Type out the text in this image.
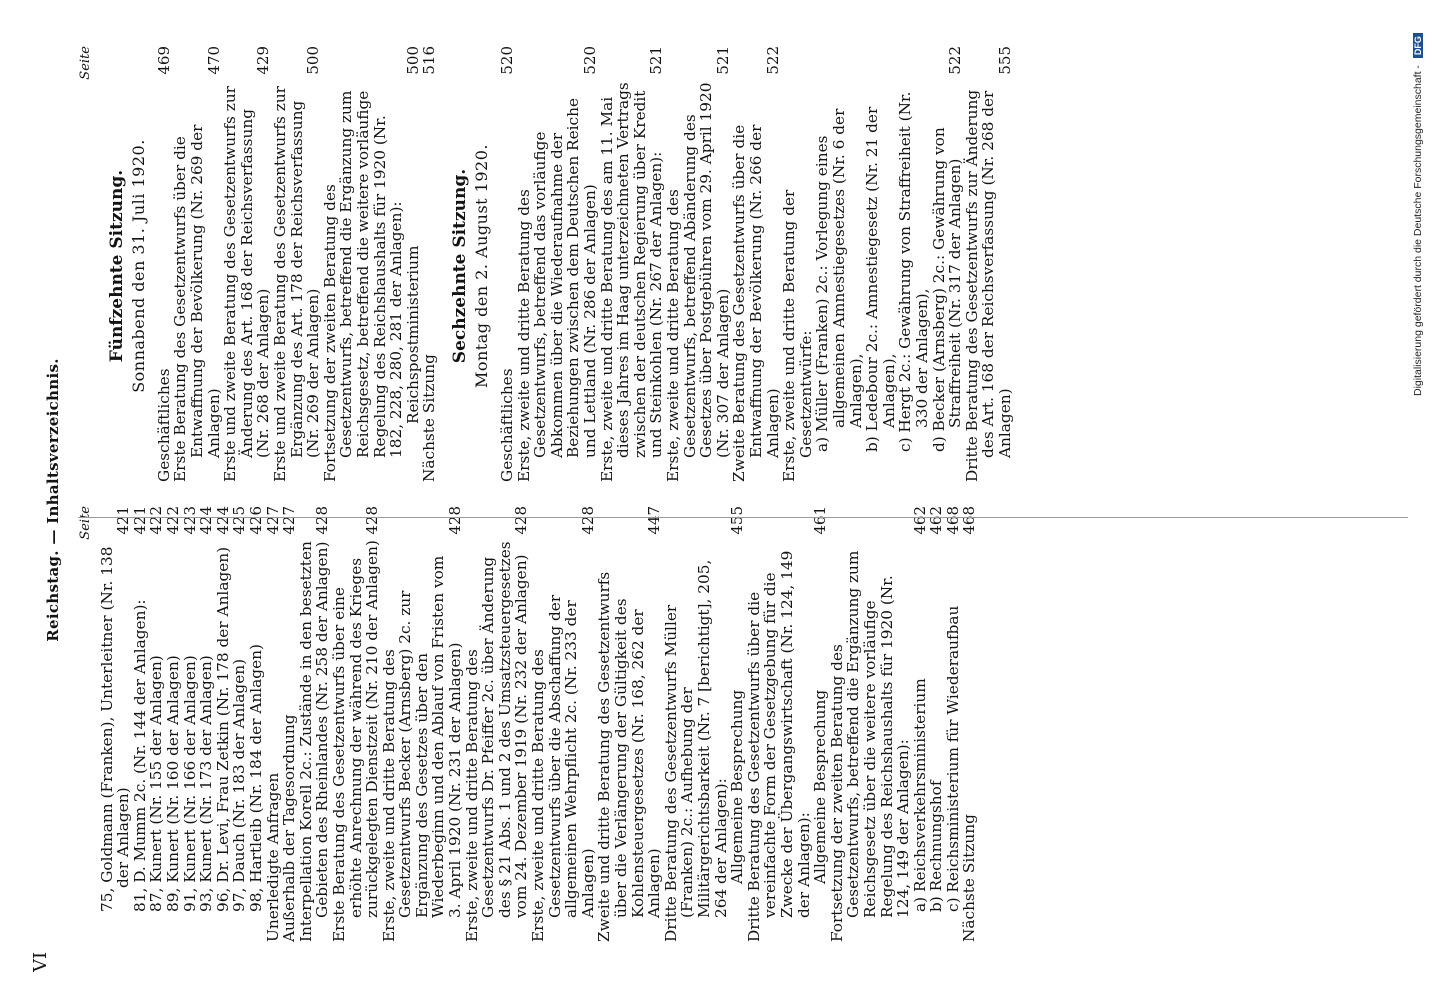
VI
Reichstag. — Inhaltsverzeichnis. Seite
75, Goldmann (Franken), Unterleitner (Nr. 138 der Anlagen)
421
81, D. Mumm 2c. (Nr. 144 der Anlagen):
421
87, Kunert (Nr. 155 der Anlagen)
422
89, Kunert (Nr. 160 der Anlagen)
422
91, Kunert (Nr. 166 der Anlagen)
423
93, Kunert (Nr. 173 der Anlagen)
424
96, Dr. Levi, Frau Zetkin (Nr. 178 der Anlagen)
424
97, Dauch (Nr. 183 der Anlagen)
425
98, Hartleib (Nr. 184 der Anlagen)
426
Unerledigte Anfragen
427
Außerhalb der Tagesordnung
427
Interpellation Korell 2c.: Zustände in den besetzten Gebieten des Rheinlandes (Nr. 258 der Anlagen)
428
Erste Beratung des Gesetzentwurfs über eine erhöhte Anrechnung der während des Krieges zurückgelegten Dienstzeit (Nr. 210 der Anlagen)
428
Erste, zweite und dritte Beratung des Gesetzentwurfs Becker (Arnsberg) 2c. zur Ergänzung des Gesetzes über den Wiederbeginn und den Ablauf von Fristen vom 3. April 1920 (Nr. 231 der Anlagen)
428
Erste, zweite und dritte Beratung des Gesetzentwurfs Dr. Pfeiffer 2c. über Änderung des § 21 Abs. 1 und 2 des Umsatzsteuergesetzes vom 24. Dezember 1919 (Nr. 232 der Anlagen)
428
Erste, zweite und dritte Beratung des Gesetzentwurfs über die Abschaffung der allgemeinen Wehrpflicht 2c. (Nr. 233 der Anlagen)
428
Zweite und dritte Beratung des Gesetzentwurfs über die Verlängerung der Gültigkeit des Kohlensteuergesetzes (Nr. 168, 262 der Anlagen)
447
Dritte Beratung des Gesetzentwurfs Müller (Franken) 2c.: Aufhebung der Militärgerichtsbarkeit (Nr. 7 [berichtigt], 205, 264 der Anlagen):
Allgemeine Besprechung
455
Dritte Beratung des Gesetzentwurfs über die vereinfachte Form der Gesetzgebung für die Zwecke der Übergangswirtschaft (Nr. 124, 149 der Anlagen):
Allgemeine Besprechung
461
Fortsetzung der zweiten Beratung des Gesetzentwurfs, betreffend die Ergänzung zum Reichsgesetz über die weitere vorläufige Regelung des Reichshaushalts für 1920 (Nr. 124, 149 der Anlagen):
a) Reichsverkehrsministerium
462
b) Rechnungshof
462
c) Reichsministerium für Wiederaufbau
468
Nächste Sitzung
468
Seite
Fünfzehnte Sitzung. Sonnabend den 31. Juli 1920.
Geschäftliches
469
Erste Beratung des Gesetzentwurfs über die Entwaffnung der Bevölkerung (Nr. 269 der Anlagen)
470
Erste und zweite Beratung des Gesetzentwurfs zur Änderung des Art. 168 der Reichsverfassung (Nr. 268 der Anlagen)
429
Erste und zweite Beratung des Gesetzentwurfs zur Ergänzung des Art. 178 der Reichsverfassung (Nr. 269 der Anlagen)
500
Fortsetzung der zweiten Beratung des Gesetzentwurfs, betreffend die Ergänzung zum Reichsgesetz, betreffend die weitere vorläufige Regelung des Reichshaushalts für 1920 (Nr. 182, 228, 280, 281 der Anlagen):
Reichspostministerium
500
Nächste Sitzung
516
Sechzehnte Sitzung. Montag den 2. August 1920.
Geschäftliches
520
Erste, zweite und dritte Beratung des Gesetzentwurfs, betreffend das vorläufige Abkommen über die Wiederaufnahme der Beziehungen zwischen dem Deutschen Reiche und Lettland (Nr. 286 der Anlagen)
520
Erste, zweite und dritte Beratung des am 11. Mai dieses Jahres im Haag unterzeichneten Vertrags zwischen der deutschen Regierung über Kredit und Steinkohlen (Nr. 267 der Anlagen):
521
Erste, zweite und dritte Beratung des Gesetzentwurfs, betreffend Abänderung des Gesetzes über Postgebühren vom 29. April 1920 (Nr. 307 der Anlagen)
521
Zweite Beratung des Gesetzentwurfs über die Entwaffnung der Bevölkerung (Nr. 266 der Anlagen)
522
Erste, zweite und dritte Beratung der Gesetzentwürfe:
a) Müller (Franken) 2c.: Vorlegung eines allgemeinen Amnestiegesetzes (Nr. 6 der Anlagen),
b) Ledebour 2c.: Amnestiegesetz (Nr. 21 der Anlagen),
c) Hergt 2c.: Gewährung von Straffreiheit (Nr. 330 der Anlagen),
d) Becker (Arnsberg) 2c.: Gewährung von Straffreiheit (Nr. 317 der Anlagen)
522
Dritte Beratung des Gesetzentwurfs zur Änderung des Art. 168 der Reichsverfassung (Nr. 268 der Anlagen)
555
Digitalisierung gefördert durch die Deutsche Forschungsgemeinschaft - DFG
